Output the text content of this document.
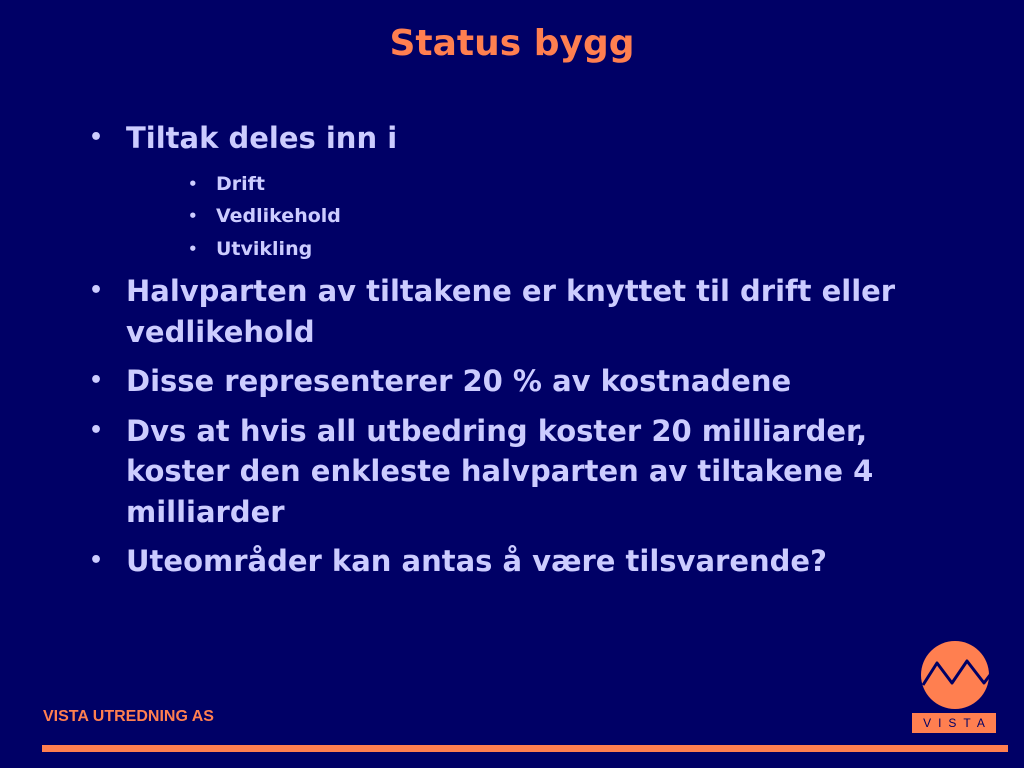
Status bygg
• Tiltak deles inn i
• Drift
• Vedlikehold
• Utvikling
• Halvparten av tiltakene er knyttet til drift eller vedlikehold
• Disse representerer 20 % av kostnadene
• Dvs at hvis all utbedring koster 20 milliarder, koster den enkleste halvparten av tiltakene 4 milliarder
• Uteområder kan antas å være tilsvarende?
VISTA UTREDNING AS	VISTA
